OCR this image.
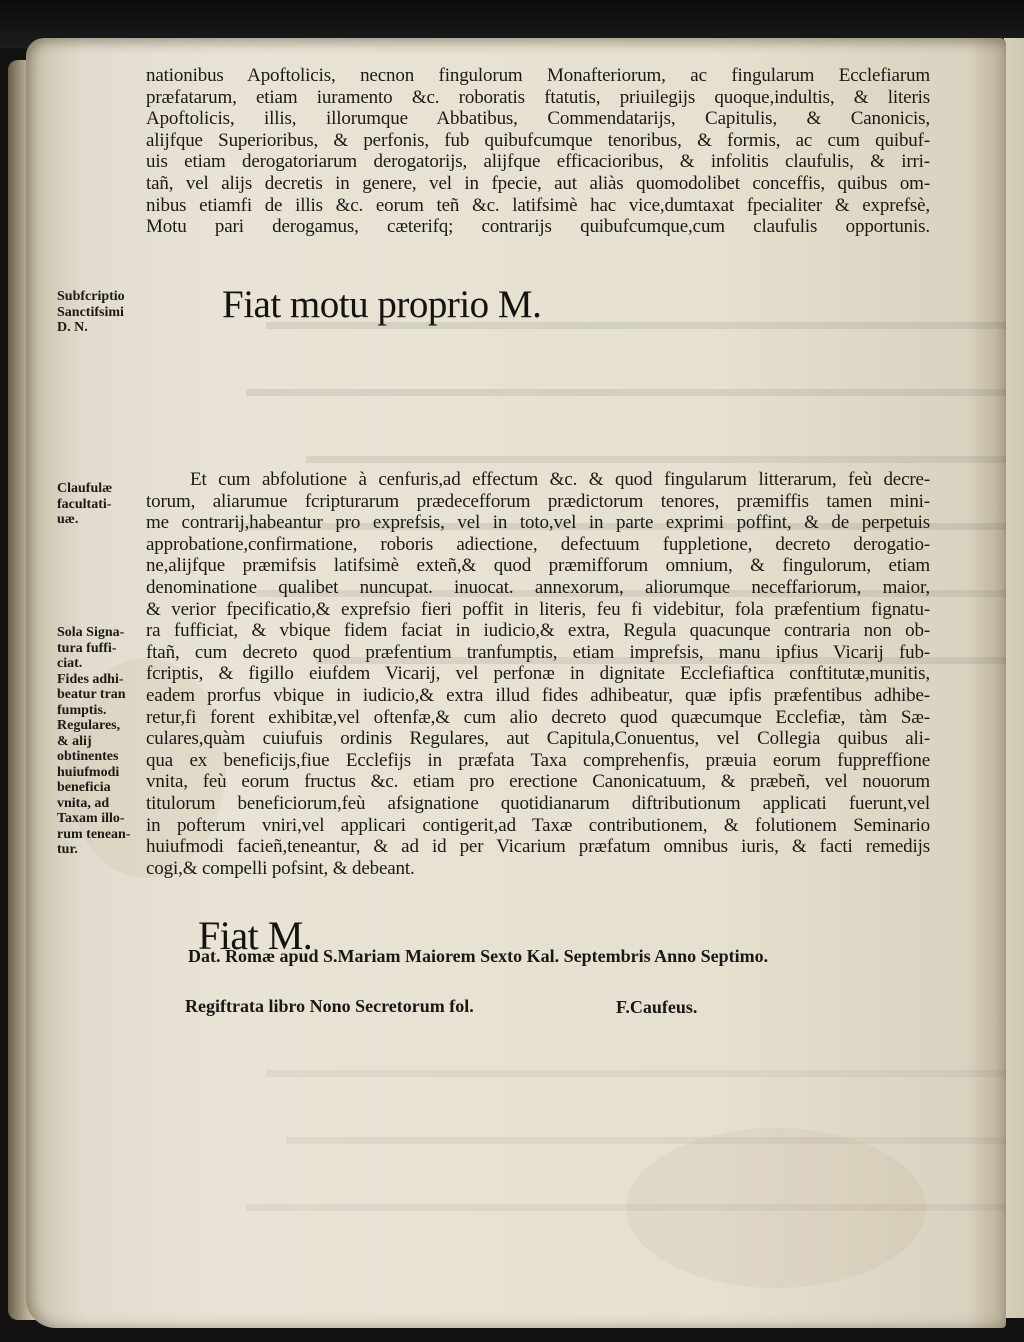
nationibus Apoftolicis, necnon fingulorum Monafteriorum, ac fingularum Ecclefiarum
præfatarum, etiam iuramento &c. roboratis ftatutis, priuilegijs quoque,indultis, & literis
Apoftolicis, illis, illorumque Abbatibus, Commendatarijs, Capitulis, & Canonicis,
alijfque Superioribus, & perfonis, fub quibufcumque tenoribus, & formis, ac cum quibuf-
uis etiam derogatoriarum derogatorijs, alijfque efficacioribus, & infolitis claufulis, & irri-
tañ, vel alijs decretis in genere, vel in fpecie, aut aliàs quomodolibet conceffis, quibus om-
nibus etiamfi de illis &c. eorum teñ &c. latifsimè hac vice,dumtaxat fpecialiter & exprefsè,
Motu pari derogamus, cæterifq; contrarijs quibufcumque,cum claufulis opportunis.
Fiat motu proprio M.
Et cum abfolutione à cenfuris,ad effectum &c. & quod fingularum litterarum, feù decre-
torum, aliarumue fcripturarum prædecefforum prædictorum tenores, præmiffis tamen mini-
me contrarij,habeantur pro exprefsis, vel in toto,vel in parte exprimi poffint, & de perpetuis
approbatione,confirmatione, roboris adiectione, defectuum fuppletione, decreto derogatio-
ne,alijfque præmifsis latifsimè exteñ,& quod præmifforum omnium, & fingulorum, etiam
denominatione qualibet nuncupat. inuocat. annexorum, aliorumque neceffariorum, maior,
& verior fpecificatio,& exprefsio fieri poffit in literis, feu fi videbitur, fola præfentium fignatu-
ra fufficiat, & vbique fidem faciat in iudicio,& extra, Regula quacunque contraria non ob-
ftañ, cum decreto quod præfentium tranfumptis, etiam imprefsis, manu ipfius Vicarij fub-
fcriptis, & figillo eiufdem Vicarij, vel perfonæ in dignitate Ecclefiaftica conftitutæ,munitis,
eadem prorfus vbique in iudicio,& extra illud fides adhibeatur, quæ ipfis præfentibus adhibe-
retur,fi forent exhibitæ,vel oftenfæ,& cum alio decreto quod quæcumque Ecclefiæ, tàm Sæ-
culares,quàm cuiufuis ordinis Regulares, aut Capitula,Conuentus, vel Collegia quibus ali-
qua ex beneficijs,fiue Ecclefijs in præfata Taxa comprehenfis, præuia eorum fuppreffione
vnita, feù eorum fructus &c. etiam pro erectione Canonicatuum, & præbeñ, vel nouorum
titulorum beneficiorum,feù afsignatione quotidianarum diftributionum applicati fuerunt,vel
in pofterum vniri,vel applicari contigerit,ad Taxæ contributionem, & folutionem Seminario
huiufmodi facieñ,teneantur, & ad id per Vicarium præfatum omnibus iuris, & facti remedijs
cogi,& compelli pofsint, & debeant.
Fiat M.
Dat. Romæ apud S.Mariam Maiorem Sexto Kal. Septembris Anno Septimo.
Regiftrata libro Nono Secretorum fol.	F.Caufeus.
Subfcriptio
Sanctifsimi
D. N.
Claufulæ
facultati-
uæ.
Sola Signa-
tura fuffi-
ciat.
Fides adhi-
beatur tran
fumptis.
Regulares,
& alij
obtinentes
huiufmodi
beneficia
vnita, ad
Taxam illo-
rum tenean-
tur.
